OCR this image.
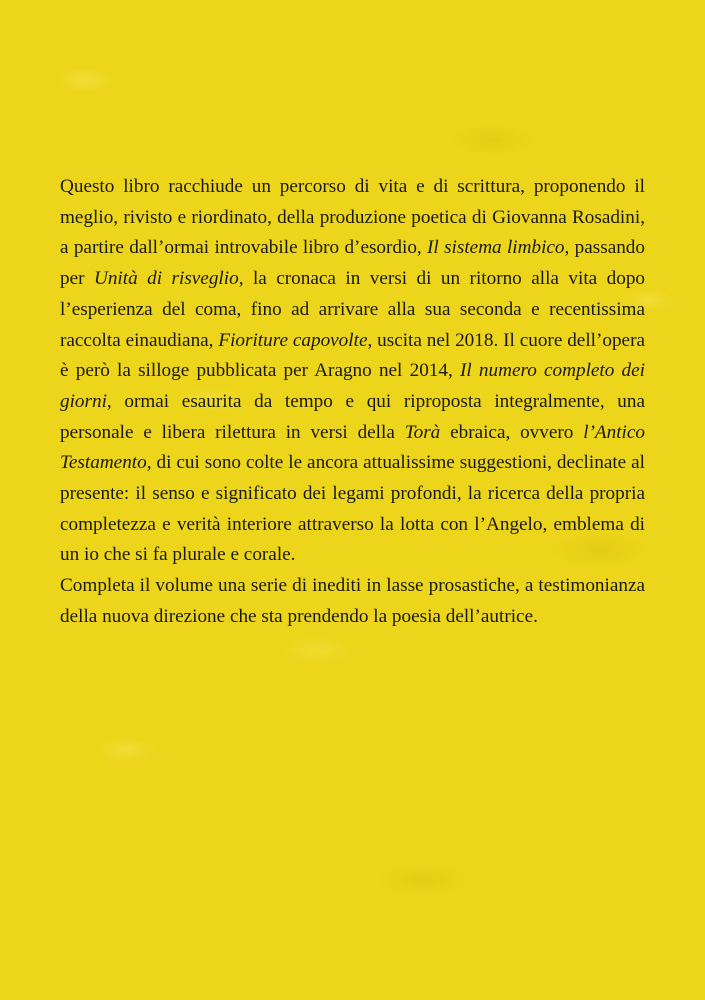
Questo libro racchiude un percorso di vita e di scrittura, proponendo il meglio, rivisto e riordinato, della produzione poetica di Giovanna Rosadini, a partire dall’ormai introvabile libro d’esordio, Il sistema limbico, passando per Unità di risveglio, la cronaca in versi di un ritorno alla vita dopo l’esperienza del coma, fino ad arrivare alla sua seconda e recentissima raccolta einaudiana, Fioriture capovolte, uscita nel 2018. Il cuore dell’opera è però la silloge pubblicata per Aragno nel 2014, Il numero completo dei giorni, ormai esaurita da tempo e qui riproposta integralmente, una personale e libera rilettura in versi della Torà ebraica, ovvero l’Antico Testamento, di cui sono colte le ancora attualissime suggestioni, declinate al presente: il senso e significato dei legami profondi, la ricerca della propria completezza e verità interiore attraverso la lotta con l’Angelo, emblema di un io che si fa plurale e corale.

Completa il volume una serie di inediti in lasse prosastiche, a testimonianza della nuova direzione che sta prendendo la poesia dell’autrice.
